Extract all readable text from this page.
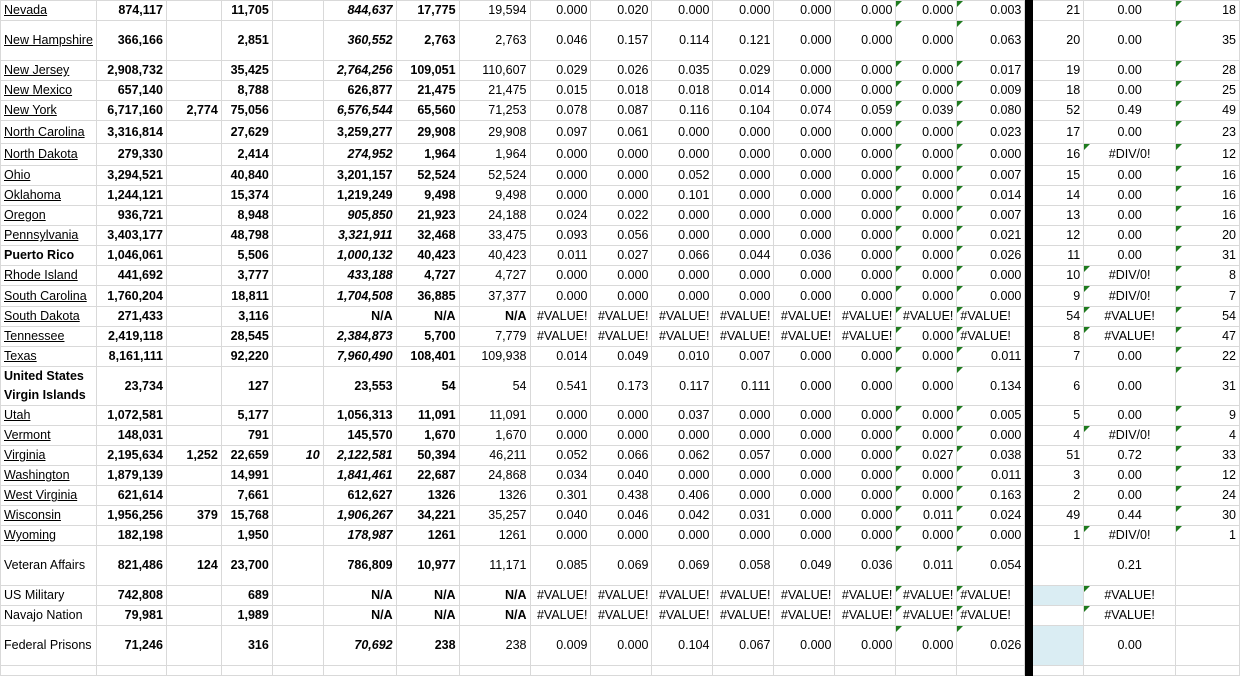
Nevada	874,117		11,705		844,637	17,775	19,594	0.000	0.020	0.000	0.000	0.000	0.000	0.000	0.003		21	0.00	18
New Hampshire	366,166		2,851		360,552	2,763	2,763	0.046	0.157	0.114	0.121	0.000	0.000	0.000	0.063		20	0.00	35
New Jersey	2,908,732		35,425		2,764,256	109,051	110,607	0.029	0.026	0.035	0.029	0.000	0.000	0.000	0.017		19	0.00	28
New Mexico	657,140		8,788		626,877	21,475	21,475	0.015	0.018	0.018	0.014	0.000	0.000	0.000	0.009		18	0.00	25
New York	6,717,160	2,774	75,056		6,576,544	65,560	71,253	0.078	0.087	0.116	0.104	0.074	0.059	0.039	0.080		52	0.49	49
North Carolina	3,316,814		27,629		3,259,277	29,908	29,908	0.097	0.061	0.000	0.000	0.000	0.000	0.000	0.023		17	0.00	23
North Dakota	279,330		2,414		274,952	1,964	1,964	0.000	0.000	0.000	0.000	0.000	0.000	0.000	0.000		16	#DIV/0!	12
Ohio	3,294,521		40,840		3,201,157	52,524	52,524	0.000	0.000	0.052	0.000	0.000	0.000	0.000	0.007		15	0.00	16
Oklahoma	1,244,121		15,374		1,219,249	9,498	9,498	0.000	0.000	0.101	0.000	0.000	0.000	0.000	0.014		14	0.00	16
Oregon	936,721		8,948		905,850	21,923	24,188	0.024	0.022	0.000	0.000	0.000	0.000	0.000	0.007		13	0.00	16
Pennsylvania	3,403,177		48,798		3,321,911	32,468	33,475	0.093	0.056	0.000	0.000	0.000	0.000	0.000	0.021		12	0.00	20
Puerto Rico	1,046,061		5,506		1,000,132	40,423	40,423	0.011	0.027	0.066	0.044	0.036	0.000	0.000	0.026		11	0.00	31
Rhode Island	441,692		3,777		433,188	4,727	4,727	0.000	0.000	0.000	0.000	0.000	0.000	0.000	0.000		10	#DIV/0!	8
South Carolina	1,760,204		18,811		1,704,508	36,885	37,377	0.000	0.000	0.000	0.000	0.000	0.000	0.000	0.000		9	#DIV/0!	7
South Dakota	271,433		3,116		N/A	N/A	N/A	#VALUE!	#VALUE!	#VALUE!	#VALUE!	#VALUE!	#VALUE!	#VALUE!	#VALUE!		54	#VALUE!	54
Tennessee	2,419,118		28,545		2,384,873	5,700	7,779	#VALUE!	#VALUE!	#VALUE!	#VALUE!	#VALUE!	#VALUE!	0.000	#VALUE!		8	#VALUE!	47
Texas	8,161,111		92,220		7,960,490	108,401	109,938	0.014	0.049	0.010	0.007	0.000	0.000	0.000	0.011		7	0.00	22
United States Virgin Islands	23,734		127		23,553	54	54	0.541	0.173	0.117	0.111	0.000	0.000	0.000	0.134		6	0.00	31
Utah	1,072,581		5,177		1,056,313	11,091	11,091	0.000	0.000	0.037	0.000	0.000	0.000	0.000	0.005		5	0.00	9
Vermont	148,031		791		145,570	1,670	1,670	0.000	0.000	0.000	0.000	0.000	0.000	0.000	0.000		4	#DIV/0!	4
Virginia	2,195,634	1,252	22,659	10	2,122,581	50,394	46,211	0.052	0.066	0.062	0.057	0.000	0.000	0.027	0.038		51	0.72	33
Washington	1,879,139		14,991		1,841,461	22,687	24,868	0.034	0.040	0.000	0.000	0.000	0.000	0.000	0.011		3	0.00	12
West Virginia	621,614		7,661		612,627	1326	1326	0.301	0.438	0.406	0.000	0.000	0.000	0.000	0.163		2	0.00	24
Wisconsin	1,956,256	379	15,768		1,906,267	34,221	35,257	0.040	0.046	0.042	0.031	0.000	0.000	0.011	0.024		49	0.44	30
Wyoming	182,198		1,950		178,987	1261	1261	0.000	0.000	0.000	0.000	0.000	0.000	0.000	0.000		1	#DIV/0!	1
Veteran Affairs	821,486	124	23,700		786,809	10,977	11,171	0.085	0.069	0.069	0.058	0.049	0.036	0.011	0.054			0.21	
US Military	742,808		689		N/A	N/A	N/A	#VALUE!	#VALUE!	#VALUE!	#VALUE!	#VALUE!	#VALUE!	#VALUE!	#VALUE!			#VALUE!	
Navajo Nation	79,981		1,989		N/A	N/A	N/A	#VALUE!	#VALUE!	#VALUE!	#VALUE!	#VALUE!	#VALUE!	#VALUE!	#VALUE!			#VALUE!	
Federal Prisons	71,246		316		70,692	238	238	0.009	0.000	0.104	0.067	0.000	0.000	0.000	0.026			0.00	
